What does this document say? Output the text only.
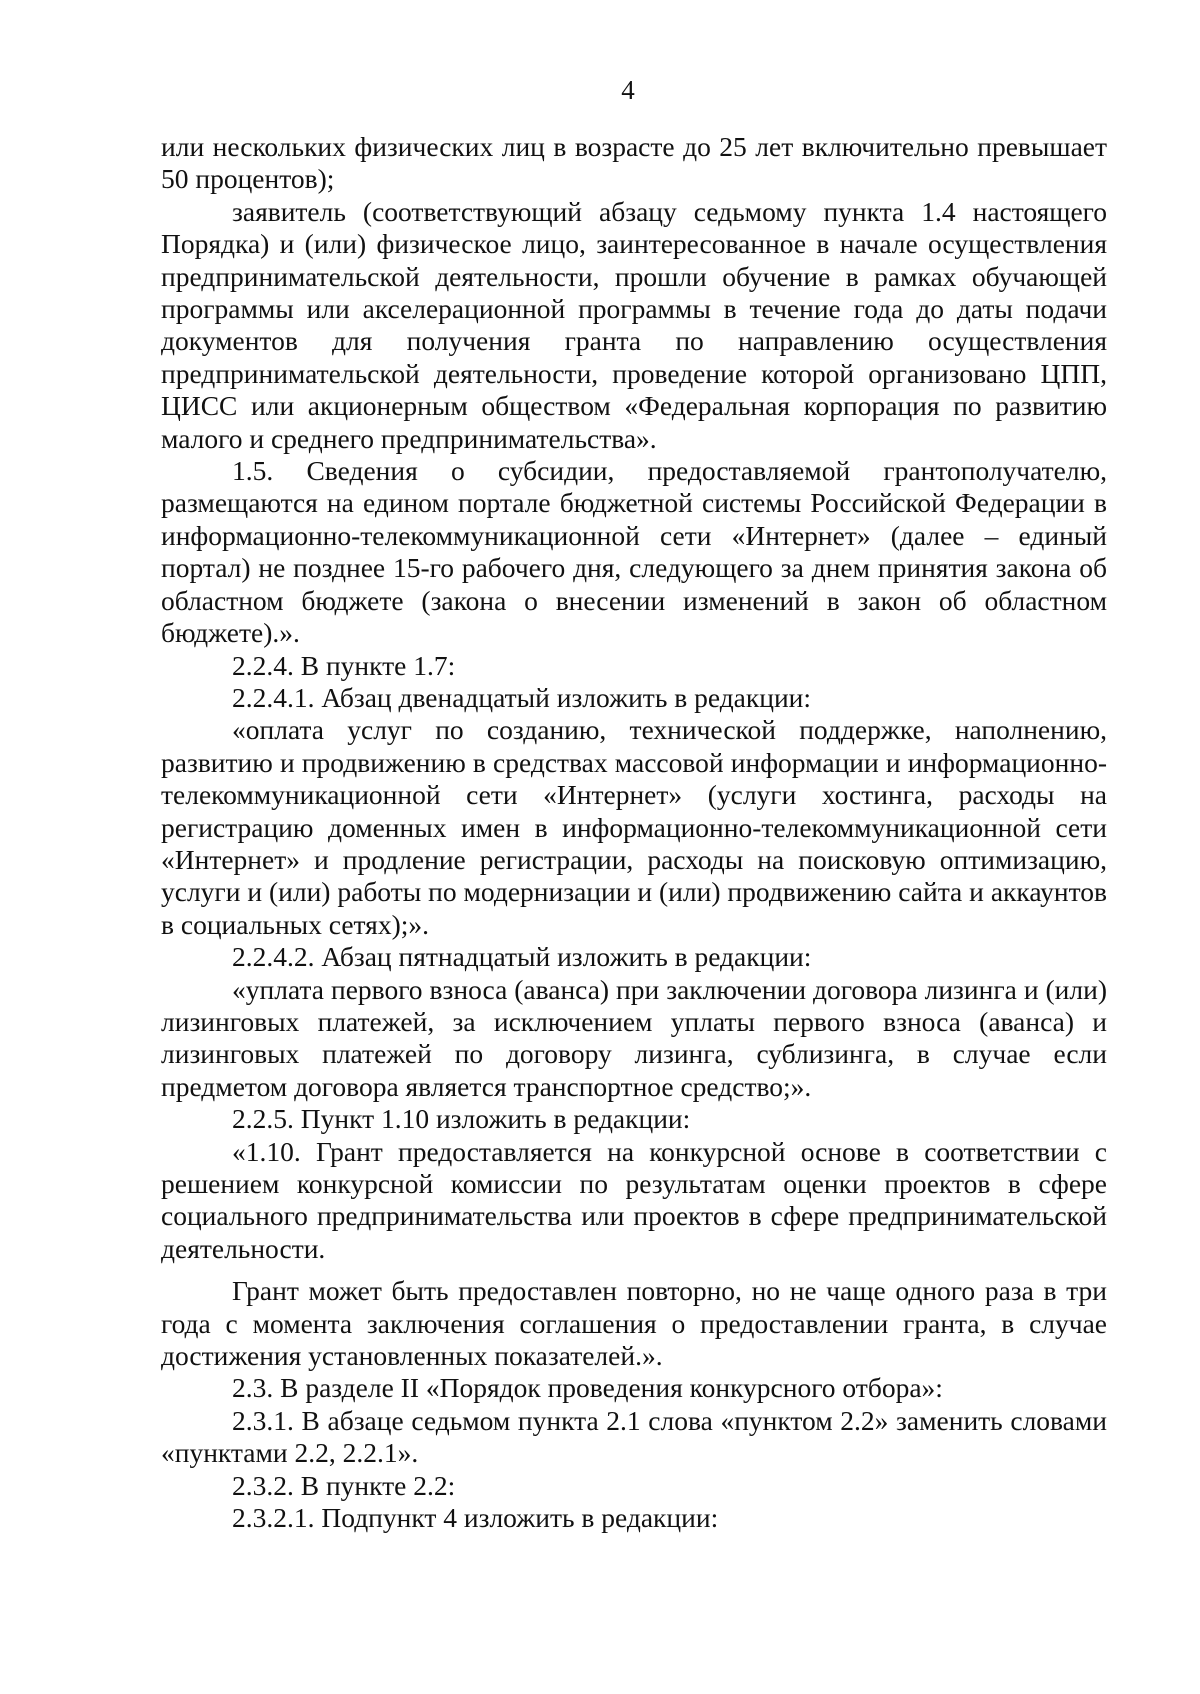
4

или нескольких физических лиц в возрасте до 25 лет включительно превышает 50 процентов);

заявитель (соответствующий абзацу седьмому пункта 1.4 настоящего Порядка) и (или) физическое лицо, заинтересованное в начале осуществления предпринимательской деятельности, прошли обучение в рамках обучающей программы или акселерационной программы в течение года до даты подачи документов для получения гранта по направлению осуществления предпринимательской деятельности, проведение которой организовано ЦПП, ЦИСС или акционерным обществом «Федеральная корпорация по развитию малого и среднего предпринимательства».

1.5. Сведения о субсидии, предоставляемой грантополучателю, размещаются на едином портале бюджетной системы Российской Федерации в информационно-телекоммуникационной сети «Интернет» (далее – единый портал) не позднее 15-го рабочего дня, следующего за днем принятия закона об областном бюджете (закона о внесении изменений в закон об областном бюджете).».

2.2.4. В пункте 1.7:

2.2.4.1. Абзац двенадцатый изложить в редакции:

«оплата услуг по созданию, технической поддержке, наполнению, развитию и продвижению в средствах массовой информации и информационно-телекоммуникационной сети «Интернет» (услуги хостинга, расходы на регистрацию доменных имен в информационно-телекоммуникационной сети «Интернет» и продление регистрации, расходы на поисковую оптимизацию, услуги и (или) работы по модернизации и (или) продвижению сайта и аккаунтов в социальных сетях);».

2.2.4.2. Абзац пятнадцатый изложить в редакции:

«уплата первого взноса (аванса) при заключении договора лизинга и (или) лизинговых платежей, за исключением уплаты первого взноса (аванса) и лизинговых платежей по договору лизинга, сублизинга, в случае если предметом договора является транспортное средство;».

2.2.5. Пункт 1.10 изложить в редакции:

«1.10. Грант предоставляется на конкурсной основе в соответствии с решением конкурсной комиссии по результатам оценки проектов в сфере социального предпринимательства или проектов в сфере предпринимательской деятельности.

Грант может быть предоставлен повторно, но не чаще одного раза в три года с момента заключения соглашения о предоставлении гранта, в случае достижения установленных показателей.».

2.3. В разделе II «Порядок проведения конкурсного отбора»:

2.3.1. В абзаце седьмом пункта 2.1 слова «пунктом 2.2» заменить словами «пунктами 2.2, 2.2.1».

2.3.2. В пункте 2.2:

2.3.2.1. Подпункт 4 изложить в редакции:
